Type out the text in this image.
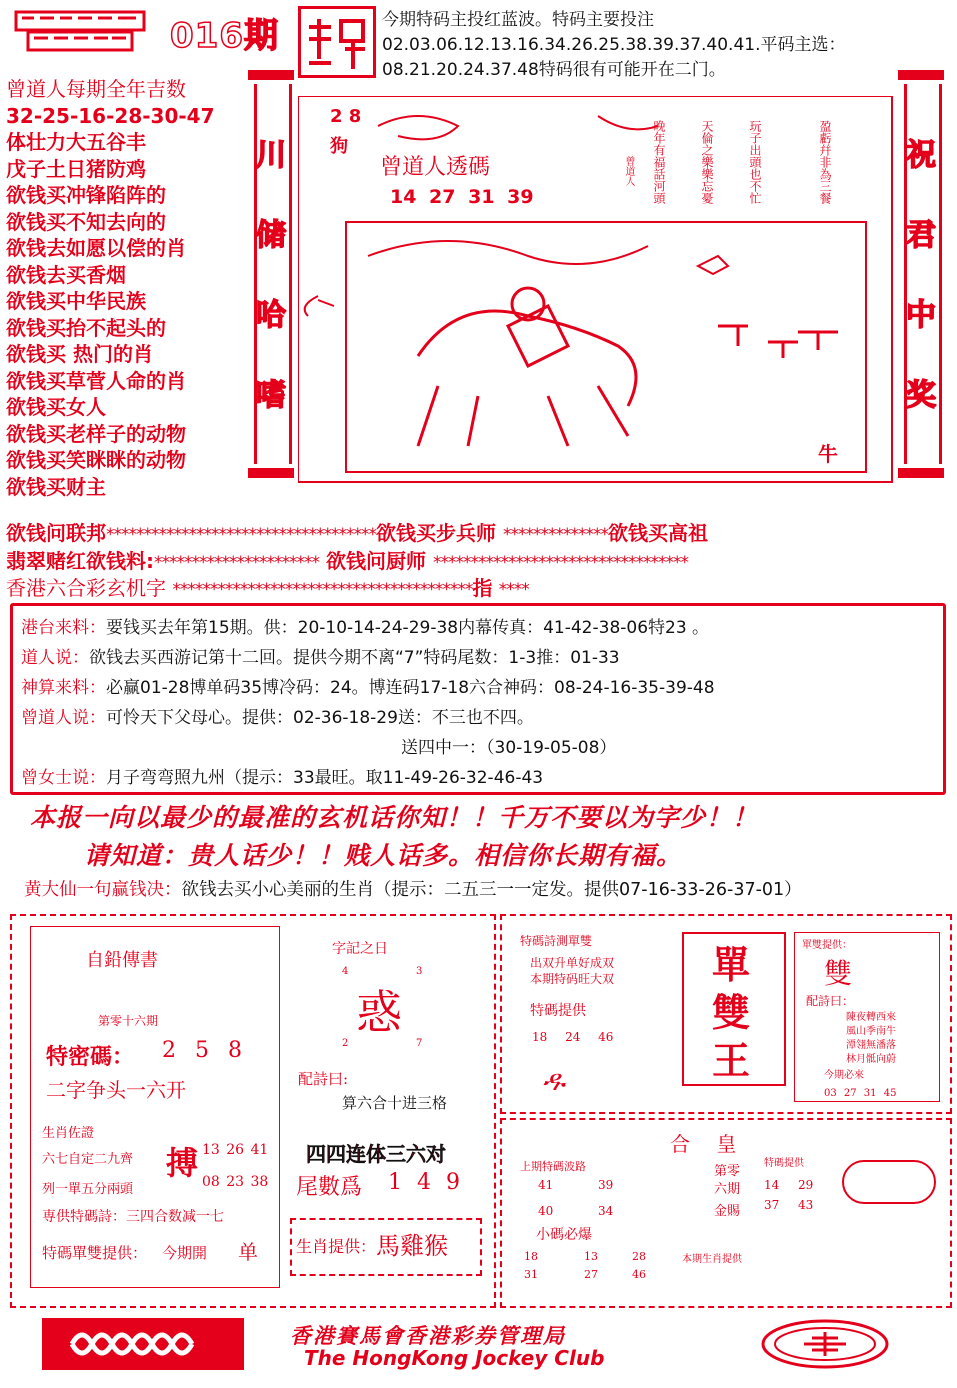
016期	今期特码主投红蓝波。特码主要投注02.03.06.12.13.16.34.26.25.38.39.37.40.41.平码主选：08.21.20.24.37.48特码很有可能开在二门。
曾道人每期全年吉数
32-25-16-28-30-47
体壮力大五谷丰
戊子土日猪防鸡
欲钱买冲锋陷阵的
欲钱买不知去向的
欲钱去如愿以偿的肖
欲钱去买香烟
欲钱买中华民族
欲钱买抬不起头的
欲钱买 热门的肖
欲钱买草菅人命的肖
欲钱买女人
欲钱买老样子的动物
欲钱买笑眯眯的动物
欲钱买财主
川
储
哈
嗜
祝
君
中
奖
2 8
狗
曾道人透碼
14 27 31 39	盈虧幷非為三餐
玩子出頭也不忙
天倫之樂樂忘憂
晚年有福話河頭
曾道人
牛
欲钱问联邦************************************欲钱买步兵师 **************欲钱买高祖
翡翠赌红欲钱料:********************** 欲钱问厨师 **********************************
香港六合彩玄机字 ****************************************指 ****
港台来料：要钱买去年第15期。供：20-10-14-24-29-38内幕传真：41-42-38-06特23 。
道人说：欲钱去买西游记第十二回。提供今期不离“7”特码尾数：1-3推：01-33
神算来料：必赢01-28博单码35博冷码：24。博连码17-18六合神码：08-24-16-35-39-48
曾道人说：可怜天下父母心。提供：02-36-18-29送：不三也不四。
送四中一：（30-19-05-08）
曾女士说：月子弯弯照九州（提示：33最旺。取11-49-26-32-46-43
本报一向以最少的最准的玄机话你知！！千万不要以为字少！！
请知道：贵人话少！！贱人话多。相信你长期有福。
黄大仙一句赢钱决：欲钱去买小心美丽的生肖（提示：二五三一一定发。提供07-16-33-26-37-01）
自鉛傳書
第零十六期
特密碼： 2 5 8
二字争头一六开
生肖佐證
六七自定二九齊
13 26 41
列一單五分兩頭	08 23 38
搏
専供特碼詩：三四合数减一七
特碼單雙提供： 今期開 单
字記之日
4	3
惑
2	7
配詩曰:
算六合十进三格
四四连体三六对
尾數爲 1 4 9
生肖提供： 馬雞猴
特碼詩測單雙
出双升单好成双
本期特码旺大双
特碼提供
18 24 46
ዱ
單
雙
王
單雙提供：
雙
配詩曰：
陳夜轉西來
風山季南牛
潭翎無潘落
林月骶向蔚
今期必來
03 27 31 45
合 皇
上期特碼波路
41	39
40	34
第零
六期
金賜
特碼提供
14 29
37 43
小碼必爆
18	13	28
31	27	46
本期生肖提供
香港賽馬會香港彩券管理局
The HongKong Jockey Club
